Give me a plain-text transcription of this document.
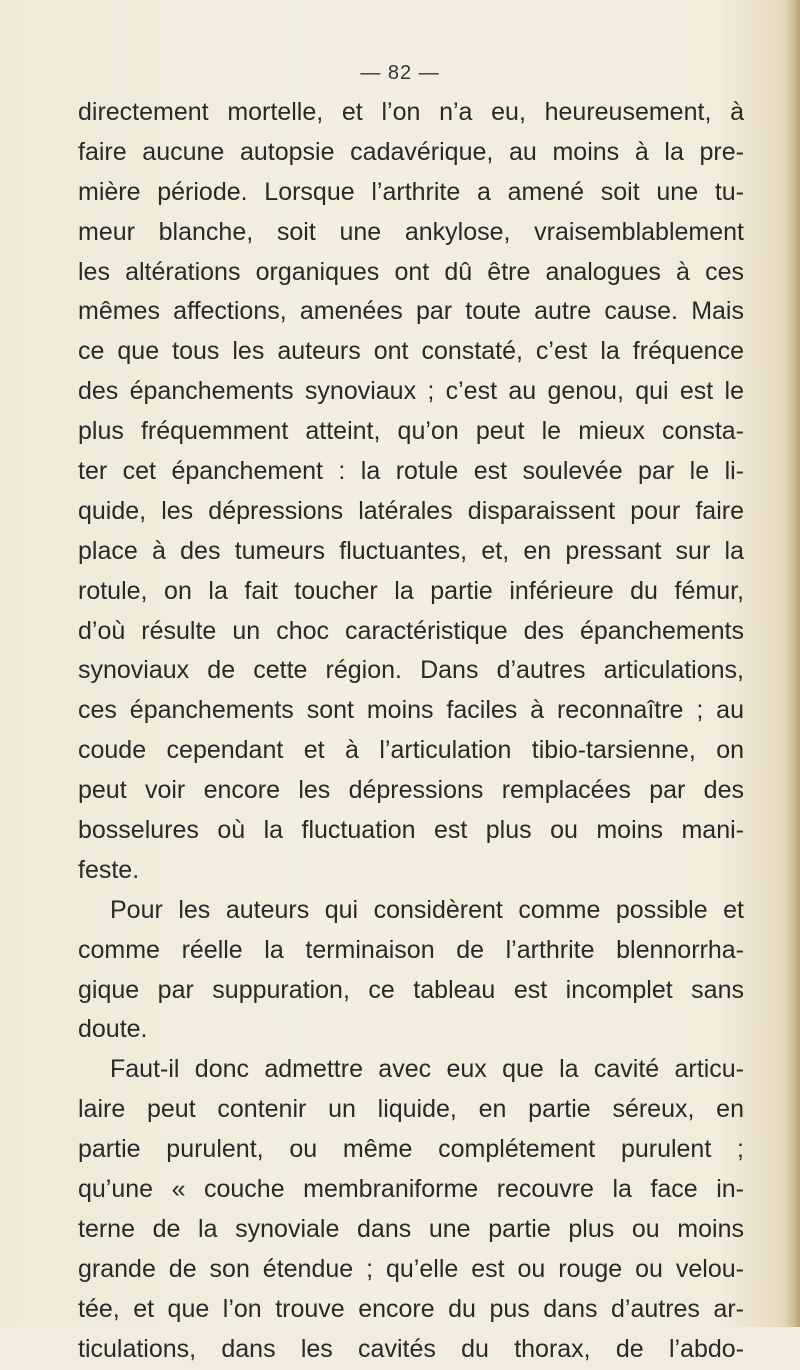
— 82 —
directement mortelle, et l’on n’a eu, heureusement, à
faire aucune autopsie cadavérique, au moins à la pre-
mière période. Lorsque l’arthrite a amené soit une tu-
meur blanche, soit une ankylose, vraisemblablement
les altérations organiques ont dû être analogues à ces
mêmes affections, amenées par toute autre cause. Mais
ce que tous les auteurs ont constaté, c’est la fréquence
des épanchements synoviaux ; c’est au genou, qui est le
plus fréquemment atteint, qu’on peut le mieux consta-
ter cet épanchement : la rotule est soulevée par le li-
quide, les dépressions latérales disparaissent pour faire
place à des tumeurs fluctuantes, et, en pressant sur la
rotule, on la fait toucher la partie inférieure du fémur,
d’où résulte un choc caractéristique des épanchements
synoviaux de cette région. Dans d’autres articulations,
ces épanchements sont moins faciles à reconnaître ; au
coude cependant et à l’articulation tibio-tarsienne, on
peut voir encore les dépressions remplacées par des
bosselures où la fluctuation est plus ou moins mani-
feste.
Pour les auteurs qui considèrent comme possible et
comme réelle la terminaison de l’arthrite blennorrha-
gique par suppuration, ce tableau est incomplet sans
doute.
Faut-il donc admettre avec eux que la cavité articu-
laire peut contenir un liquide, en partie séreux, en
partie purulent, ou même complétement purulent ;
qu’une « couche membraniforme recouvre la face in-
terne de la synoviale dans une partie plus ou moins
grande de son étendue ; qu’elle est ou rouge ou velou-
tée, et que l’on trouve encore du pus dans d’autres ar-
ticulations, dans les cavités du thorax, de l’abdo-
